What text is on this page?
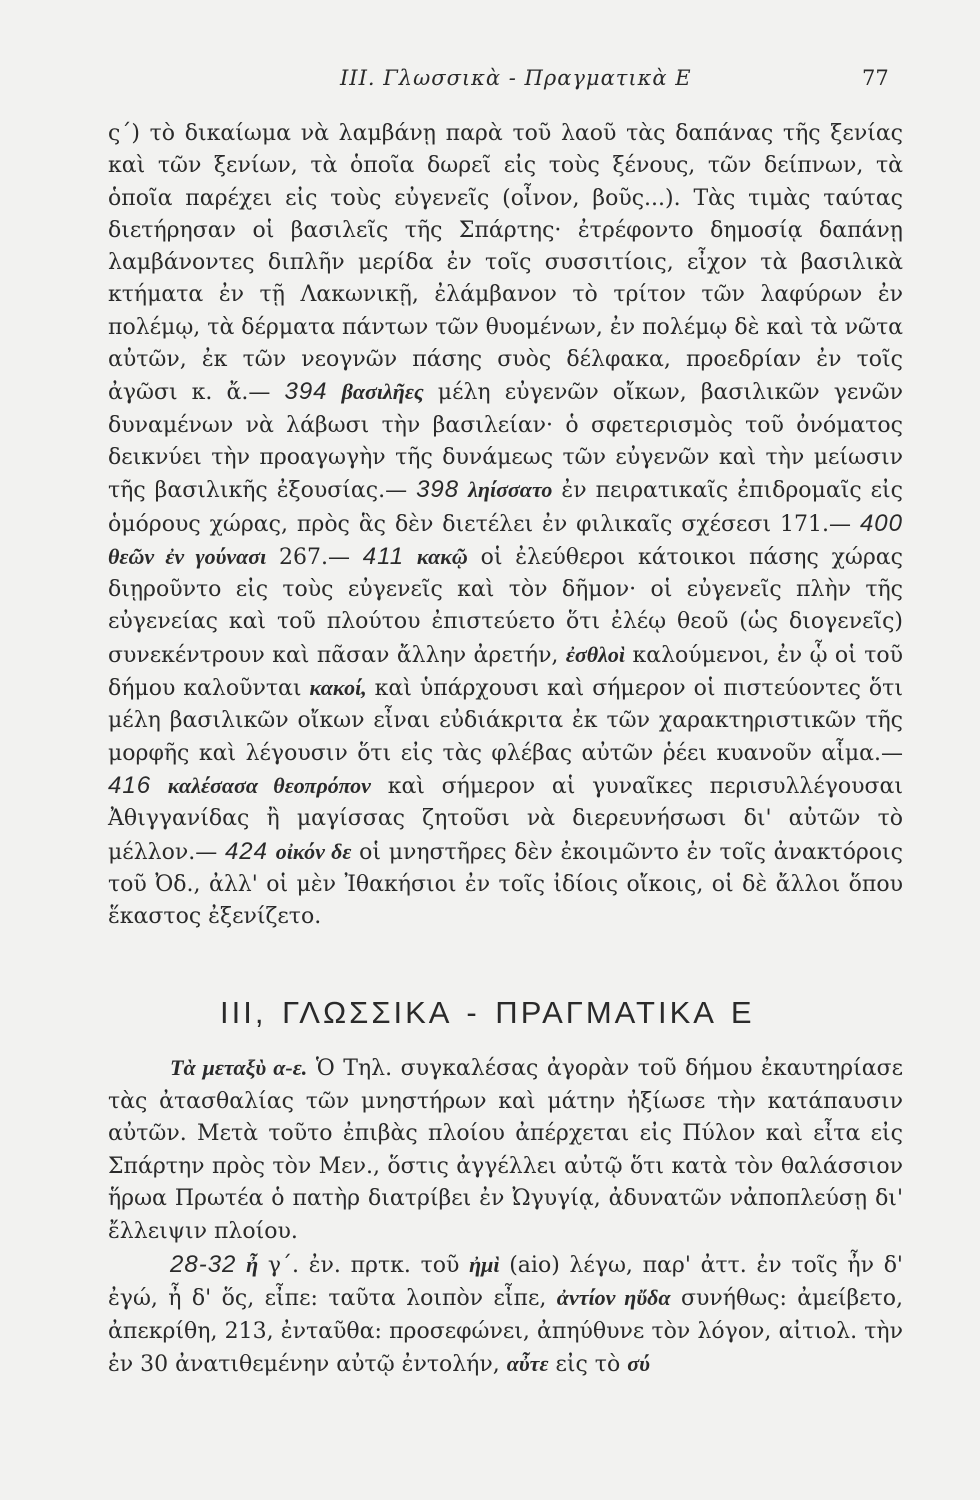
III. Γλωσσικὰ - Πραγματικὰ Ε	77

ς´) τὸ δικαίωμα νὰ λαμβάνῃ παρὰ τοῦ λαοῦ τὰς δαπάνας τῆς ξενίας καὶ τῶν ξενίων, τὰ ὁποῖα δωρεῖ εἰς τοὺς ξένους, τῶν δείπνων, τὰ ὁποῖα παρέχει εἰς τοὺς εὐγενεῖς (οἶνον, βοῦς...). Τὰς τιμὰς ταύτας διετήρησαν οἱ βασιλεῖς τῆς Σπάρτης· ἐτρέφοντο δημοσίᾳ δαπάνῃ λαμβάνοντες διπλῆν μερίδα ἐν τοῖς συσσιτίοις, εἶχον τὰ βασιλικὰ κτήματα ἐν τῇ Λακωνικῇ, ἐλάμβανον τὸ τρίτον τῶν λαφύρων ἐν πολέμῳ, τὰ δέρματα πάντων τῶν θυομένων, ἐν πολέμῳ δὲ καὶ τὰ νῶτα αὐτῶν, ἐκ τῶν νεογνῶν πάσης συὸς δέλφακα, προεδρίαν ἐν τοῖς ἀγῶσι κ. ἄ.— 394 βασιλῆες μέλη εὐγενῶν οἴκων, βασιλικῶν γενῶν δυναμένων νὰ λάβωσι τὴν βασιλείαν· ὁ σφετερισμὸς τοῦ ὀνόματος δεικνύει τὴν προαγωγὴν τῆς δυνάμεως τῶν εὐγενῶν καὶ τὴν μείωσιν τῆς βασιλικῆς ἐξουσίας.— 398 ληίσσατο ἐν πειρατικαῖς ἐπιδρομαῖς εἰς ὁμόρους χώρας, πρὸς ἃς δὲν διετέλει ἐν φιλικαῖς σχέσεσι 171.— 400 θεῶν ἐν γούνασι 267.— 411 κακῷ οἱ ἐλεύθεροι κάτοικοι πάσης χώρας διῃροῦντο εἰς τοὺς εὐγενεῖς καὶ τὸν δῆμον· οἱ εὐγενεῖς πλὴν τῆς εὐγενείας καὶ τοῦ πλούτου ἐπιστεύετο ὅτι ἐλέῳ θεοῦ (ὡς διογενεῖς) συνεκέντρουν καὶ πᾶσαν ἄλλην ἀρετήν, ἐσθλοὶ καλούμενοι, ἐν ᾧ οἱ τοῦ δήμου καλοῦνται κακοί, καὶ ὑπάρχουσι καὶ σήμερον οἱ πιστεύοντες ὅτι μέλη βασιλικῶν οἴκων εἶναι εὐδιάκριτα ἐκ τῶν χαρακτηριστικῶν τῆς μορφῆς καὶ λέγουσιν ὅτι εἰς τὰς φλέβας αὐτῶν ῥέει κυανοῦν αἷμα.— 416 καλέσασα θεοπρόπον καὶ σήμερον αἱ γυναῖκες περισυλλέγουσαι Ἀθιγγανίδας ἢ μαγίσσας ζητοῦσι νὰ διερευνήσωσι δι' αὐτῶν τὸ μέλλον.— 424 οἰκόν δε οἱ μνηστῆρες δὲν ἐκοιμῶντο ἐν τοῖς ἀνακτόροις τοῦ Ὀδ., ἀλλ' οἱ μὲν Ἰθακήσιοι ἐν τοῖς ἰδίοις οἴκοις, οἱ δὲ ἄλλοι ὅπου ἕκαστος ἐξενίζετο.

III, ΓΛΩΣΣΙΚΑ - ΠΡΑΓΜΑΤΙΚΑ Ε

Τὰ μεταξὺ α-ε. Ὁ Τηλ. συγκαλέσας ἀγορὰν τοῦ δήμου ἐκαυτηρίασε τὰς ἀτασθαλίας τῶν μνηστήρων καὶ μάτην ἠξίωσε τὴν κατάπαυσιν αὐτῶν. Μετὰ τοῦτο ἐπιβὰς πλοίου ἀπέρχεται εἰς Πύλον καὶ εἶτα εἰς Σπάρτην πρὸς τὸν Μεν., ὅστις ἀγγέλλει αὐτῷ ὅτι κατὰ τὸν θαλάσσιον ἥρωα Πρωτέα ὁ πατὴρ διατρίβει ἐν Ὠγυγίᾳ, ἀδυνατῶν νἀποπλεύσῃ δι' ἔλλειψιν πλοίου.

28-32 ἦ γ´. ἐν. πρτκ. τοῦ ἠμὶ (aio) λέγω, παρ' ἀττ. ἐν τοῖς ἦν δ' ἐγώ, ἦ δ' ὅς, εἶπε: ταῦτα λοιπὸν εἶπε, ἀντίον ηὔδα συνήθως: ἀμείβετο, ἀπεκρίθη, 213, ἐνταῦθα: προσεφώνει, ἀπηύθυνε τὸν λόγον, αἰτιολ. τὴν ἐν 30 ἀνατιθεμένην αὐτῷ ἐντολήν, αὖτε εἰς τὸ σύ
